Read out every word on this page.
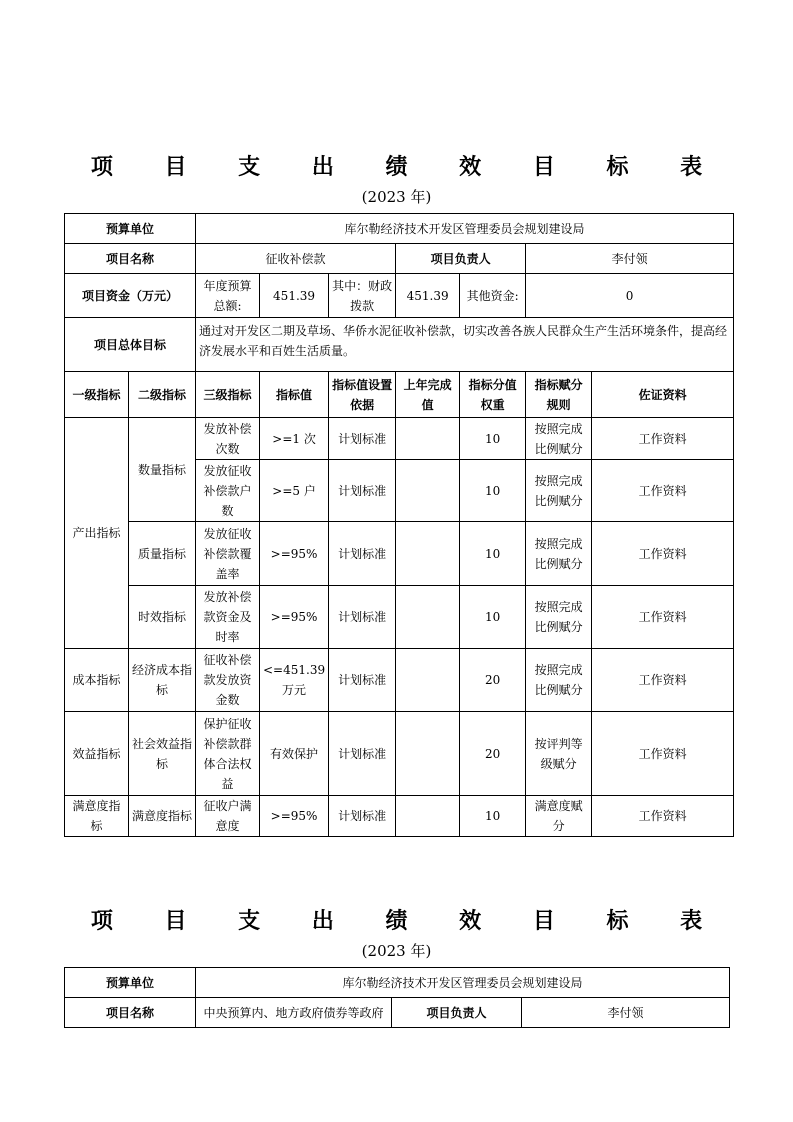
项 目 支 出 绩 效 目 标 表
(2023 年)
预算单位		库尔勒经济技术开发区管理委员会规划建设局						
项目名称		征收补偿款			项目负责人		李付领	
项目资金（万元）		年度预算总额:	451.39	其中：财政拨款	451.39	其他资金:	0	
项目总体目标		通过对开发区二期及草场、华侨水泥征收补偿款，切实改善各族人民群众生产生活环境条件，提高经济发展水平和百姓生活质量。						
一级指标	二级指标	三级指标	指标值	指标值设置依据	上年完成值	指标分值权重	指标赋分规则	佐证资料
产出指标	数量指标	发放补偿次数	>=1 次	计划标准		10	按照完成比例赋分	工作资料
		发放征收补偿款户数	>=5 户	计划标准		10	按照完成比例赋分	工作资料
	质量指标	发放征收补偿款覆盖率	>=95%	计划标准		10	按照完成比例赋分	工作资料
	时效指标	发放补偿款资金及时率	>=95%	计划标准		10	按照完成比例赋分	工作资料
成本指标	经济成本指标	征收补偿款发放资金数	<=451.39 万元	计划标准		20	按照完成比例赋分	工作资料
效益指标	社会效益指标	保护征收补偿款群体合法权益	有效保护	计划标准		20	按评判等级赋分	工作资料
满意度指标	满意度指标	征收户满意度	>=95%	计划标准		10	满意度赋分	工作资料
项 目 支 出 绩 效 目 标 表
(2023 年)
预算单位	库尔勒经济技术开发区管理委员会规划建设局		
项目名称	中央预算内、地方政府债券等政府	项目负责人	李付领
